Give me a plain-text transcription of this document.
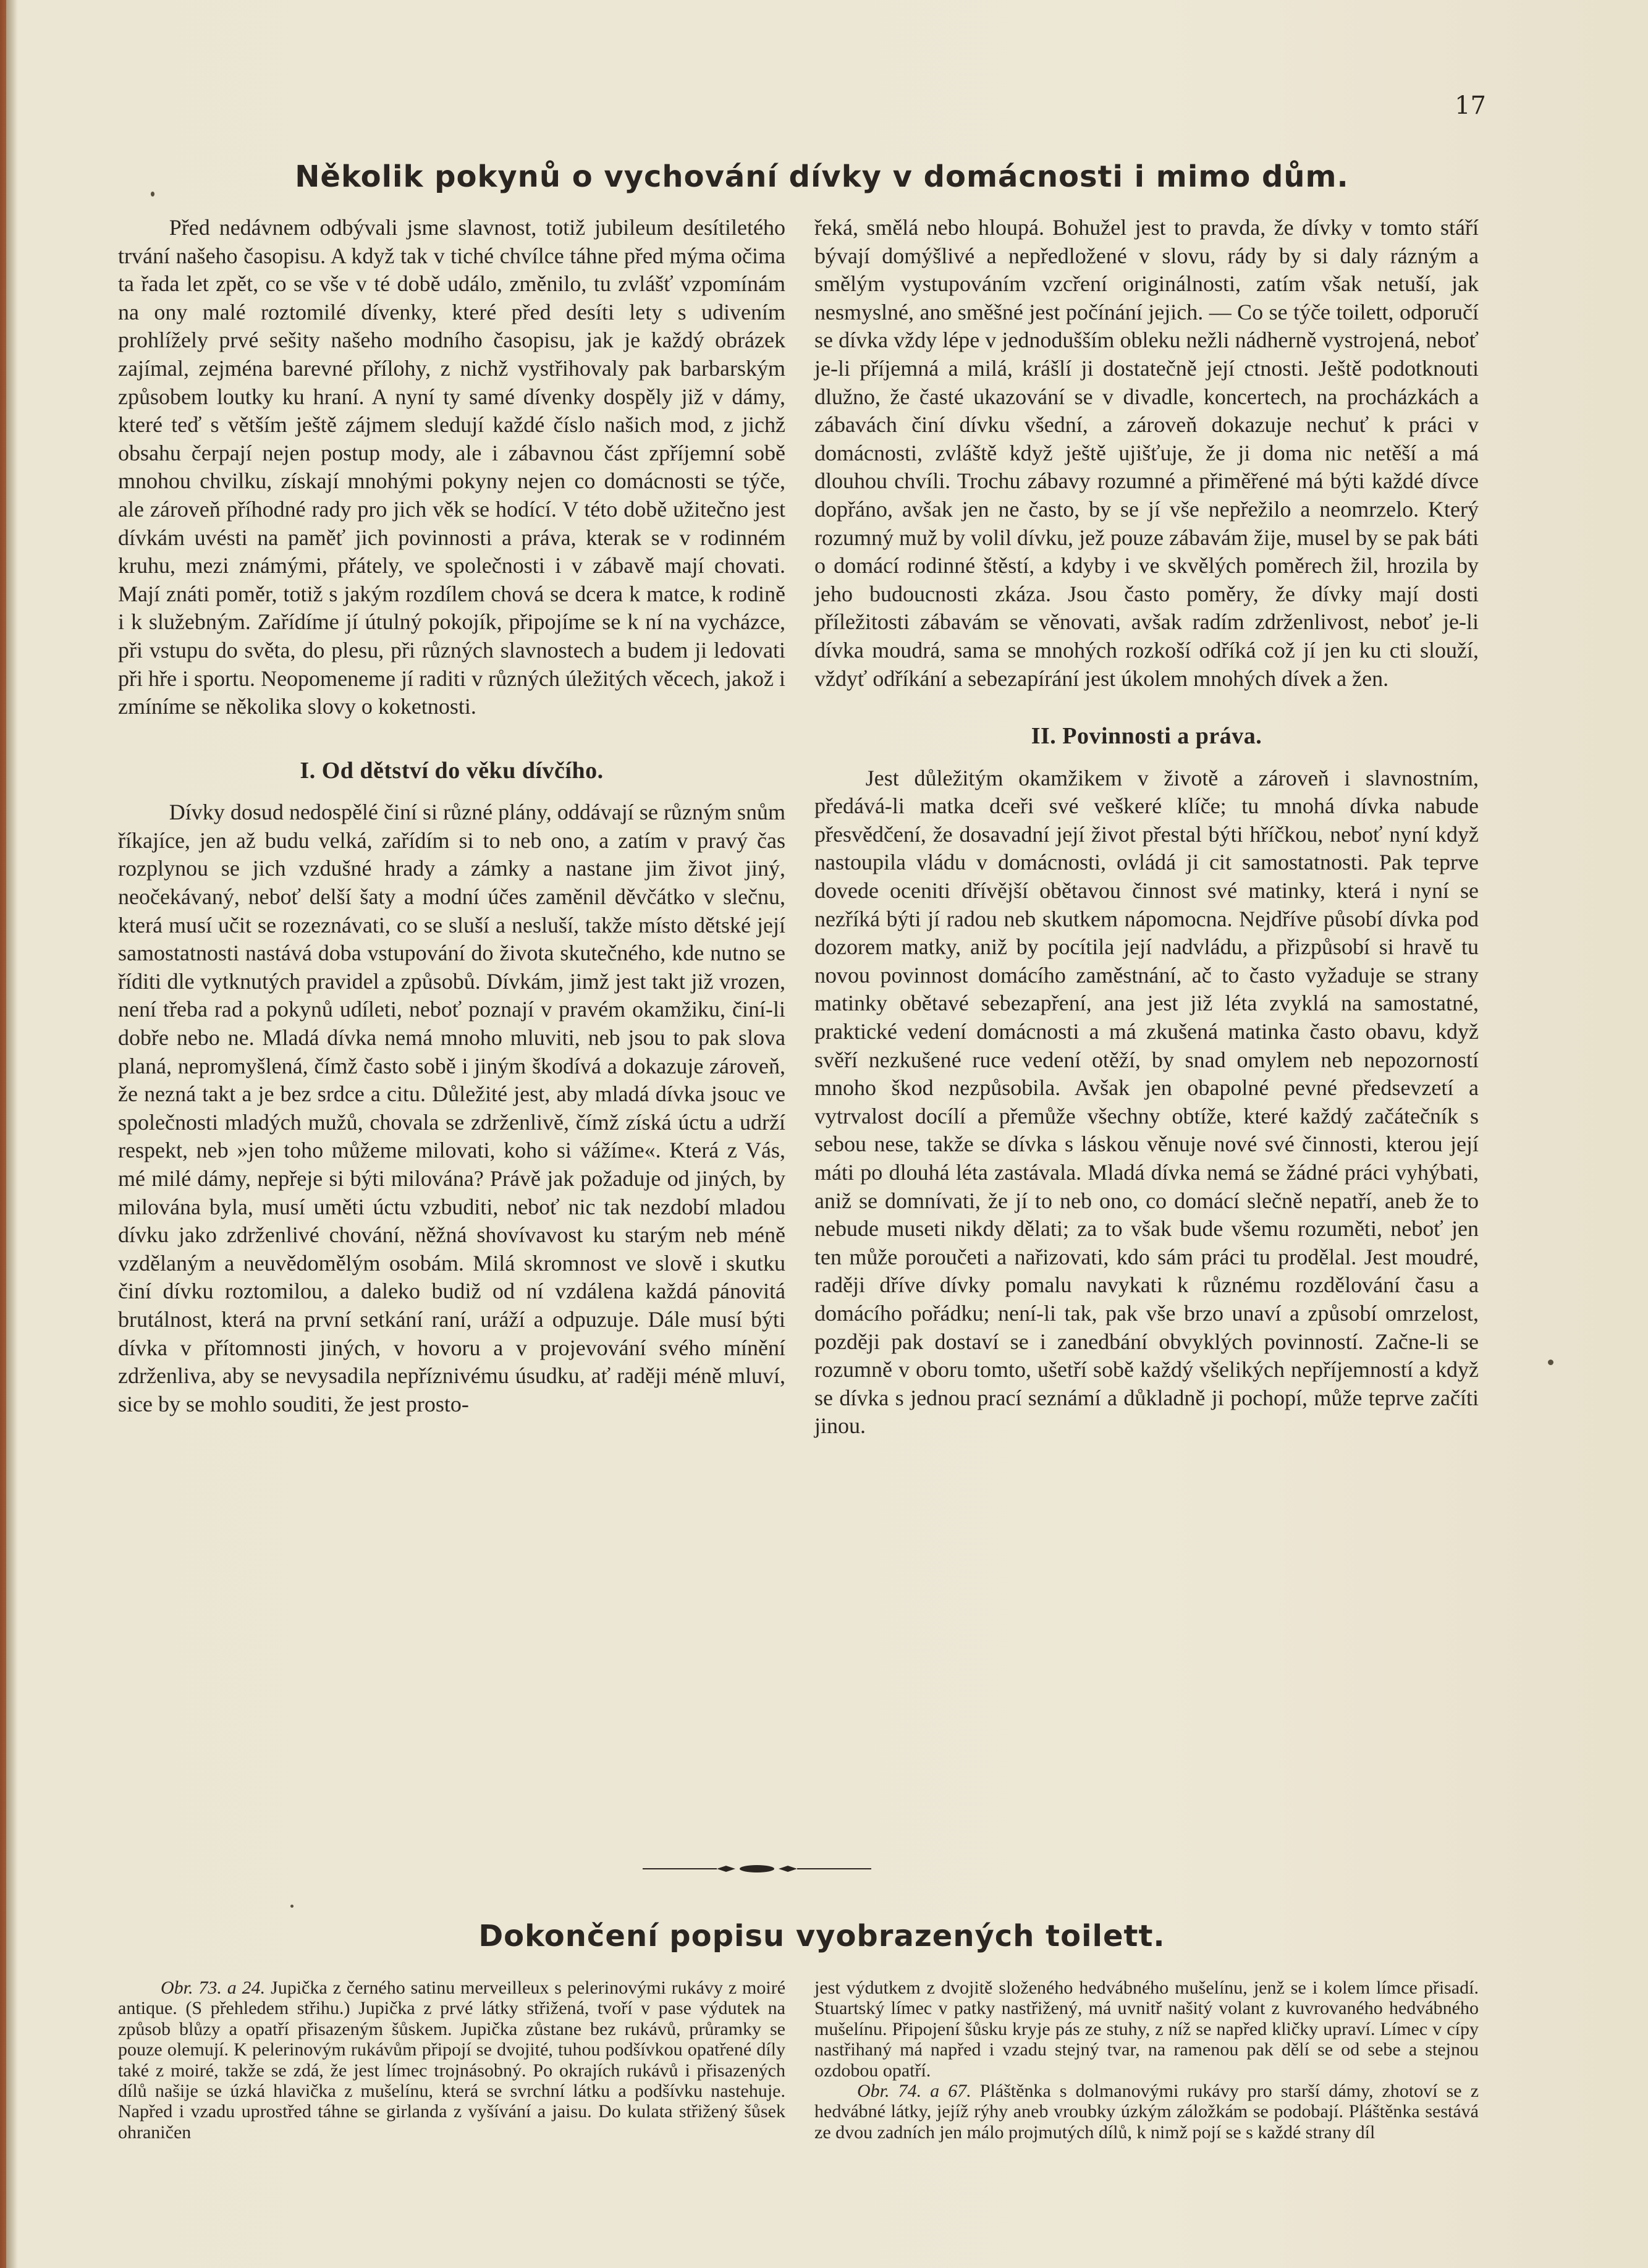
17
Několik pokynů o vychování dívky v domácnosti i mimo dům.

Před nedávnem odbývali jsme slavnost, totiž jubileum desítiletého trvání našeho časopisu. A když tak v tiché chvílce táhne před mýma očima ta řada let zpět, co se vše v té době událo, změnilo, tu zvlášť vzpomínám na ony malé roztomilé dívenky, které před desíti lety s udivením prohlížely prvé sešity našeho modního časopisu, jak je každý obrázek zajímal, zejména barevné přílohy, z nichž vystřihovaly pak barbarským způsobem loutky ku hraní. A nyní ty samé dívenky dospěly již v dámy, které teď s větším ještě zájmem sledují každé číslo našich mod, z jichž obsahu čerpají nejen postup mody, ale i zábavnou část zpříjemní sobě mnohou chvilku, získají mnohými pokyny nejen co domácnosti se týče, ale zároveň příhodné rady pro jich věk se hodící. V této době užitečno jest dívkám uvésti na paměť jich povinnosti a práva, kterak se v rodinném kruhu, mezi známými, přátely, ve společnosti i v zábavě mají chovati. Mají znáti poměr, totiž s jakým rozdílem chová se dcera k matce, k rodině i k služebným. Zařídíme jí útulný pokojík, připojíme se k ní na vycházce, při vstupu do světa, do plesu, při různých slavnostech a budem ji ledovati při hře i sportu. Neopomeneme jí raditi v různých úležitých věcech, jakož i zmíníme se několika slovy o koketnosti.

I. Od dětství do věku dívčího.

Dívky dosud nedospělé činí si různé plány, oddávají se různým snům říkajíce, jen až budu velká, zařídím si to neb ono, a zatím v pravý čas rozplynou se jich vzdušné hrady a zámky a nastane jim život jiný, neočekávaný, neboť delší šaty a modní účes zaměnil děvčátko v slečnu, která musí učit se rozeznávati, co se sluší a nesluší, takže místo dětské její samostatnosti nastává doba vstupování do života skutečného, kde nutno se říditi dle vytknutých pravidel a způsobů. Dívkám, jimž jest takt již vrozen, není třeba rad a pokynů udíleti, neboť poznají v pravém okamžiku, činí-li dobře nebo ne. Mladá dívka nemá mnoho mluviti, neb jsou to pak slova planá, nepromyšlená, čímž často sobě i jiným škodívá a dokazuje zároveň, že nezná takt a je bez srdce a citu. Důležité jest, aby mladá dívka jsouc ve společnosti mladých mužů, chovala se zdrženlivě, čímž získá úctu a udrží respekt, neb »jen toho můžeme milovati, koho si vážíme«. Která z Vás, mé milé dámy, nepřeje si býti milována? Právě jak požaduje od jiných, by milována byla, musí uměti úctu vzbuditi, neboť nic tak nezdobí mladou dívku jako zdrženlivé chování, něžná shovívavost ku starým neb méně vzdělaným a neuvědomělým osobám. Milá skromnost ve slově i skutku činí dívku roztomilou, a daleko budiž od ní vzdálena každá pánovitá brutálnost, která na první setkání raní, uráží a odpuzuje. Dále musí býti dívka v přítomnosti jiných, v hovoru a v projevování svého mínění zdrženliva, aby se nevysadila nepříznivému úsudku, ať raději méně mluví, sice by se mohlo souditi, že jest prosto-

řeká, smělá nebo hloupá. Bohužel jest to pravda, že dívky v tomto stáří bývají domýšlivé a nepředložené v slovu, rády by si daly rázným a smělým vystupováním vzcření originálnosti, zatím však netuší, jak nesmyslné, ano směšné jest počínání jejich. — Co se týče toilett, odporučí se dívka vždy lépe v jednodušším obleku nežli nádherně vystrojená, neboť je-li příjemná a milá, krášlí ji dostatečně její ctnosti. Ještě podotknouti dlužno, že časté ukazování se v divadle, koncertech, na procházkách a zábavách činí dívku všední, a zároveň dokazuje nechuť k práci v domácnosti, zvláště když ještě ujišťuje, že ji doma nic netěší a má dlouhou chvíli. Trochu zábavy rozumné a přiměřené má býti každé dívce dopřáno, avšak jen ne často, by se jí vše nepřežilo a neomrzelo. Který rozumný muž by volil dívku, jež pouze zábavám žije, musel by se pak báti o domácí rodinné štěstí, a kdyby i ve skvělých poměrech žil, hrozila by jeho budoucnosti zkáza. Jsou často poměry, že dívky mají dosti příležitosti zábavám se věnovati, avšak radím zdrženlivost, neboť je-li dívka moudrá, sama se mnohých rozkoší odříká což jí jen ku cti slouží, vždyť odříkání a sebezapírání jest úkolem mnohých dívek a žen.

II. Povinnosti a práva.

Jest důležitým okamžikem v životě a zároveň i slavnostním, předává-li matka dceři své veškeré klíče; tu mnohá dívka nabude přesvědčení, že dosavadní její život přestal býti hříčkou, neboť nyní když nastoupila vládu v domácnosti, ovládá ji cit samostatnosti. Pak teprve dovede oceniti dřívější obětavou činnost své matinky, která i nyní se nezříká býti jí radou neb skutkem nápomocna. Nejdříve působí dívka pod dozorem matky, aniž by pocítila její nadvládu, a přizpůsobí si hravě tu novou povinnost domácího zaměstnání, ač to často vyžaduje se strany matinky obětavé sebezapření, ana jest již léta zvyklá na samostatné, praktické vedení domácnosti a má zkušená matinka často obavu, když svěří nezkušené ruce vedení otěží, by snad omylem neb nepozorností mnoho škod nezpůsobila. Avšak jen obapolné pevné předsevzetí a vytrvalost docílí a přemůže všechny obtíže, které každý začátečník s sebou nese, takže se dívka s láskou věnuje nové své činnosti, kterou její máti po dlouhá léta zastávala. Mladá dívka nemá se žádné práci vyhýbati, aniž se domnívati, že jí to neb ono, co domácí slečně nepatří, aneb že to nebude museti nikdy dělati; za to však bude všemu rozuměti, neboť jen ten může poroučeti a nařizovati, kdo sám práci tu prodělal. Jest moudré, raději dříve dívky pomalu navykati k různému rozdělování času a domácího pořádku; není-li tak, pak vše brzo unaví a způsobí omrzelost, později pak dostaví se i zanedbání obvyklých povinností. Začne-li se rozumně v oboru tomto, ušetří sobě každý všelikých nepříjemností a když se dívka s jednou prací seznámí a důkladně ji pochopí, může teprve začíti jinou.

Dokončení popisu vyobrazených toilett.

Obr. 73. a 24. Jupička z černého satinu merveilleux s pelerinovými rukávy z moiré antique. (S přehledem střihu.) Jupička z prvé látky střižená, tvoří v pase výdutek na způsob blůzy a opatří přisazeným šůskem. Jupička zůstane bez rukávů, průramky se pouze olemují. K pelerinovým rukávům připojí se dvojité, tuhou podšívkou opatřené díly také z moiré, takže se zdá, že jest límec trojnásobný. Po okrajích rukávů i přisazených dílů našije se úzká hlavička z mušelínu, která se svrchní látku a podšívku nastehuje. Napřed i vzadu uprostřed táhne se girlanda z vyšívání a jaisu. Do kulata střižený šůsek ohraničen

jest výdutkem z dvojitě složeného hedvábného mušelínu, jenž se i kolem límce přisadí. Stuartský límec v patky nastřižený, má uvnitř našitý volant z kuvrovaného hedvábného mušelínu. Připojení šůsku kryje pás ze stuhy, z níž se napřed kličky upraví. Límec v cípy nastřihaný má napřed i vzadu stejný tvar, na ramenou pak dělí se od sebe a stejnou ozdobou opatří.

Obr. 74. a 67. Pláštěnka s dolmanovými rukávy pro starší dámy, zhotoví se z hedvábné látky, jejíž rýhy aneb vroubky úzkým záložkám se podobají. Pláštěnka sestává ze dvou zadních jen málo projmutých dílů, k nimž pojí se s každé strany díl
